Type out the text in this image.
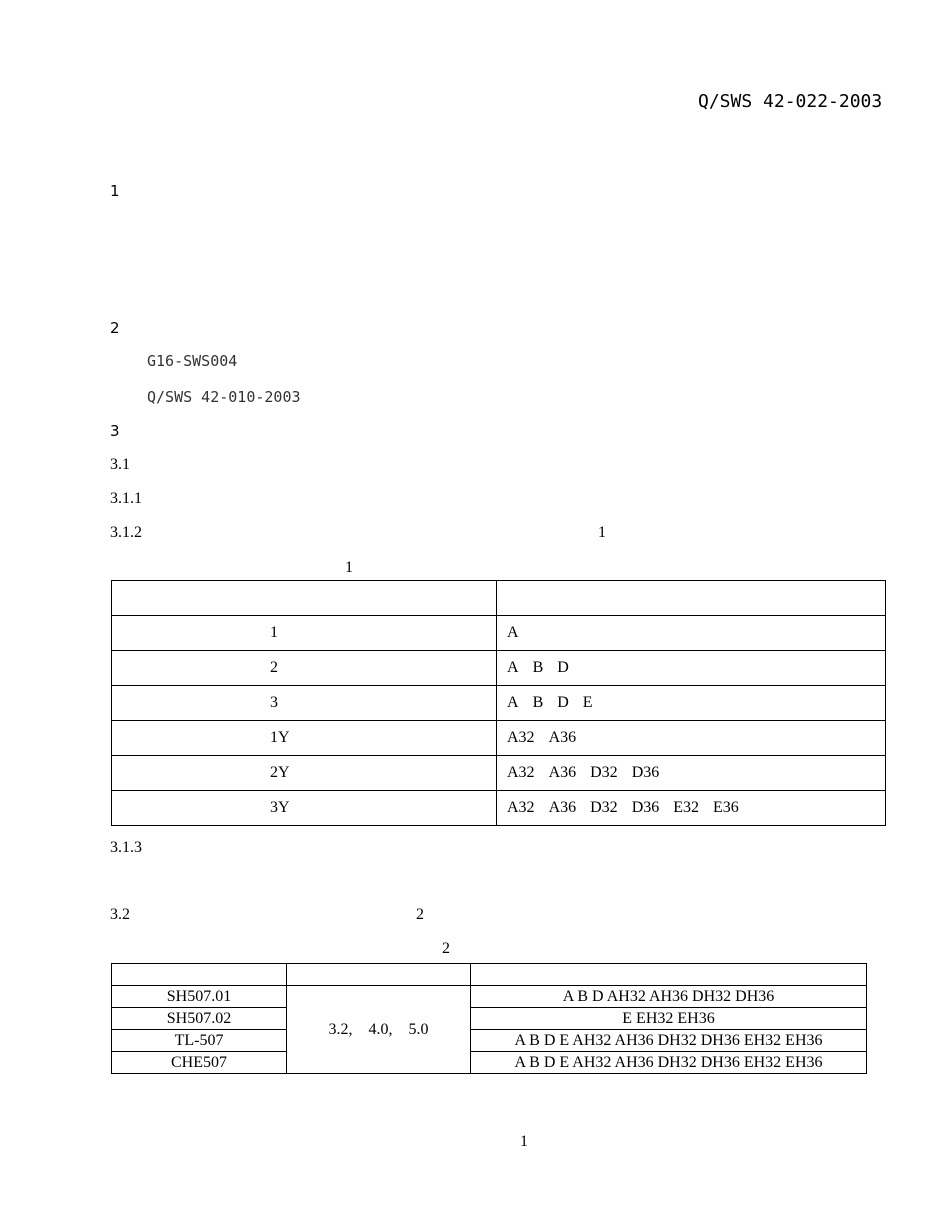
Q/SWS 42-022-2003
1
2
G16-SWS004
Q/SWS 42-010-2003
3
3.1
3.1.1
3.1.2	1
1

1	A
2	A B D
3	A B D E
1Y	A32 A36
2Y	A32 A36 D32 D36
3Y	A32 A36 D32 D36 E32 E36
3.1.3
3.2	2
2

SH507.01	3.2, 4.0, 5.0	A B D AH32 AH36 DH32 DH36
SH507.02		E EH32 EH36
TL-507		A B D E AH32 AH36 DH32 DH36 EH32 EH36
CHE507		A B D E AH32 AH36 DH32 DH36 EH32 EH36
1
